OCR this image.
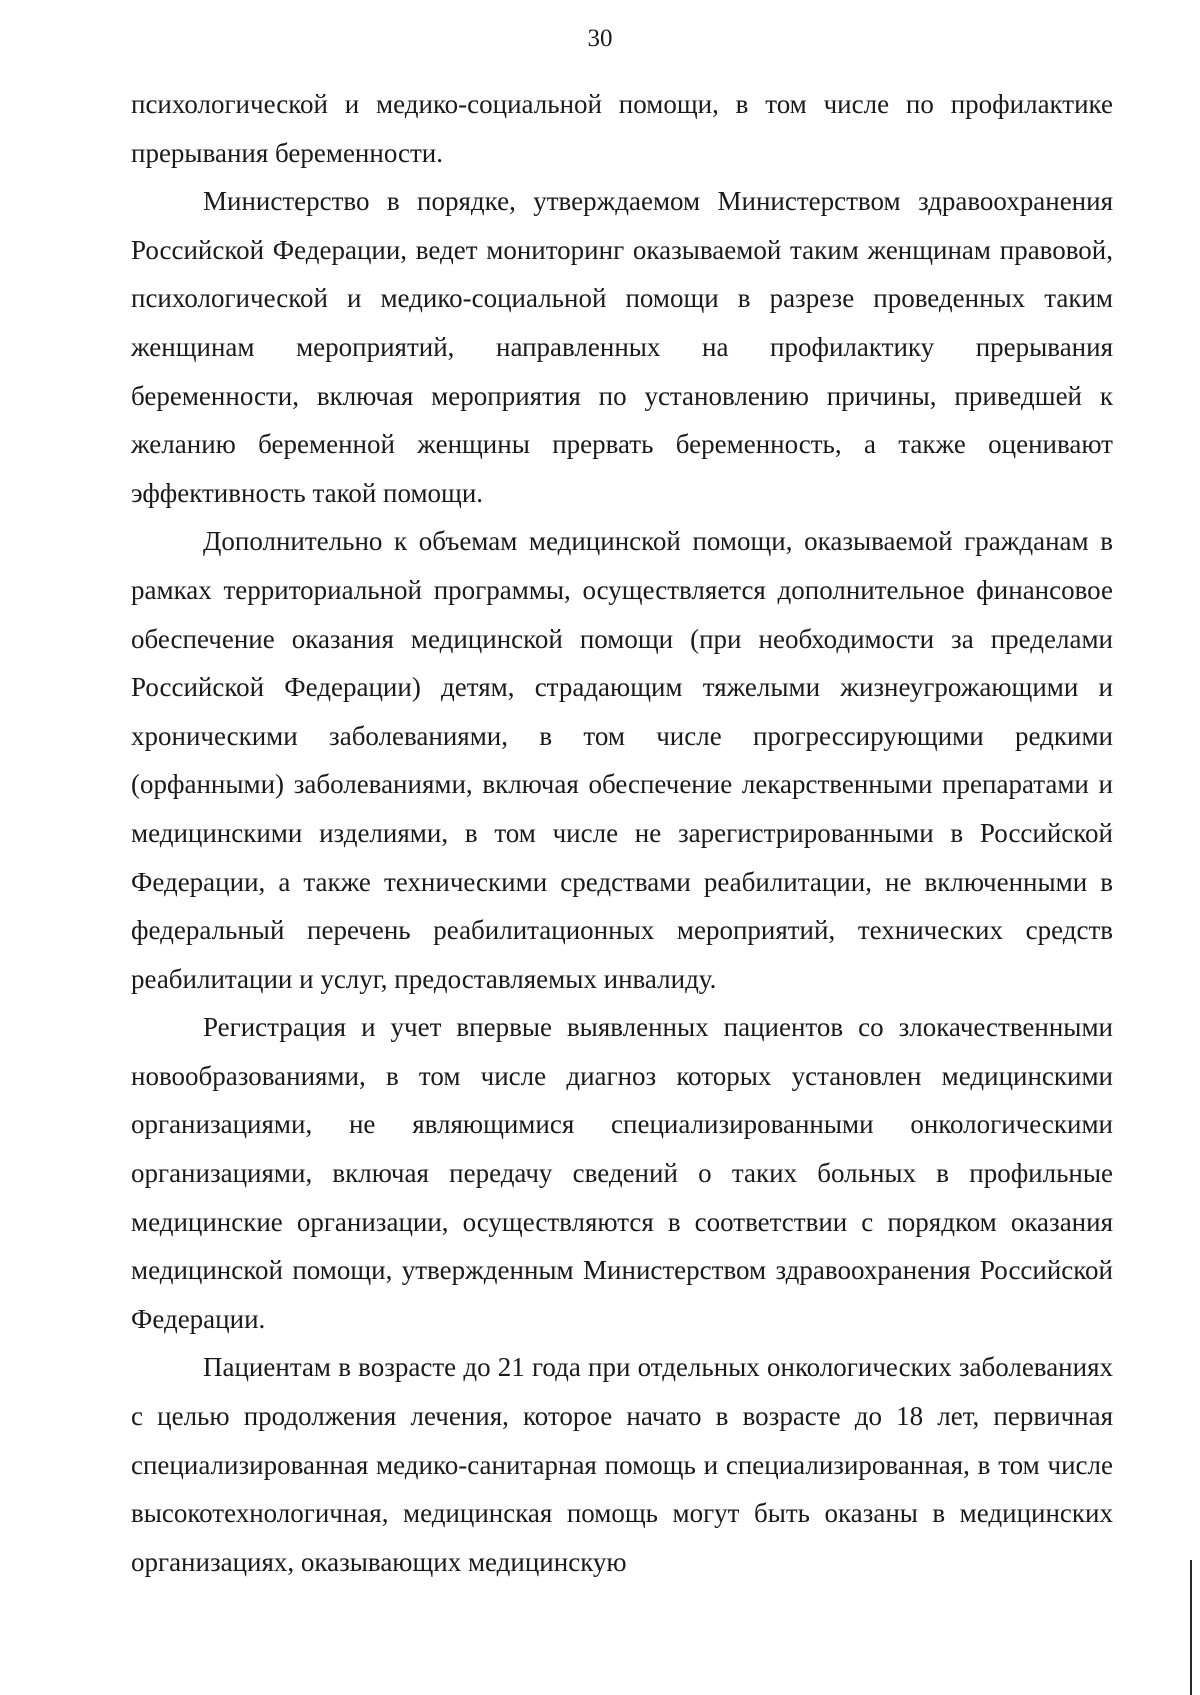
30

психологической и медико-социальной помощи, в том числе по профилактике прерывания беременности.

Министерство в порядке, утверждаемом Министерством здравоохранения Российской Федерации, ведет мониторинг оказываемой таким женщинам правовой, психологической и медико-социальной помощи в разрезе проведенных таким женщинам мероприятий, направленных на профилактику прерывания беременности, включая мероприятия по установлению причины, приведшей к желанию беременной женщины прервать беременность, а также оценивают эффективность такой помощи.

Дополнительно к объемам медицинской помощи, оказываемой гражданам в рамках территориальной программы, осуществляется дополнительное финансовое обеспечение оказания медицинской помощи (при необходимости за пределами Российской Федерации) детям, страдающим тяжелыми жизнеугрожающими и хроническими заболеваниями, в том числе прогрессирующими редкими (орфанными) заболеваниями, включая обеспечение лекарственными препаратами и медицинскими изделиями, в том числе не зарегистрированными в Российской Федерации, а также техническими средствами реабилитации, не включенными в федеральный перечень реабилитационных мероприятий, технических средств реабилитации и услуг, предоставляемых инвалиду.

Регистрация и учет впервые выявленных пациентов со злокачественными новообразованиями, в том числе диагноз которых установлен медицинскими организациями, не являющимися специализированными онкологическими организациями, включая передачу сведений о таких больных в профильные медицинские организации, осуществляются в соответствии с порядком оказания медицинской помощи, утвержденным Министерством здравоохранения Российской Федерации.

Пациентам в возрасте до 21 года при отдельных онкологических заболеваниях с целью продолжения лечения, которое начато в возрасте до 18 лет, первичная специализированная медико-санитарная помощь и специализированная, в том числе высокотехнологичная, медицинская помощь могут быть оказаны в медицинских организациях, оказывающих медицинскую
